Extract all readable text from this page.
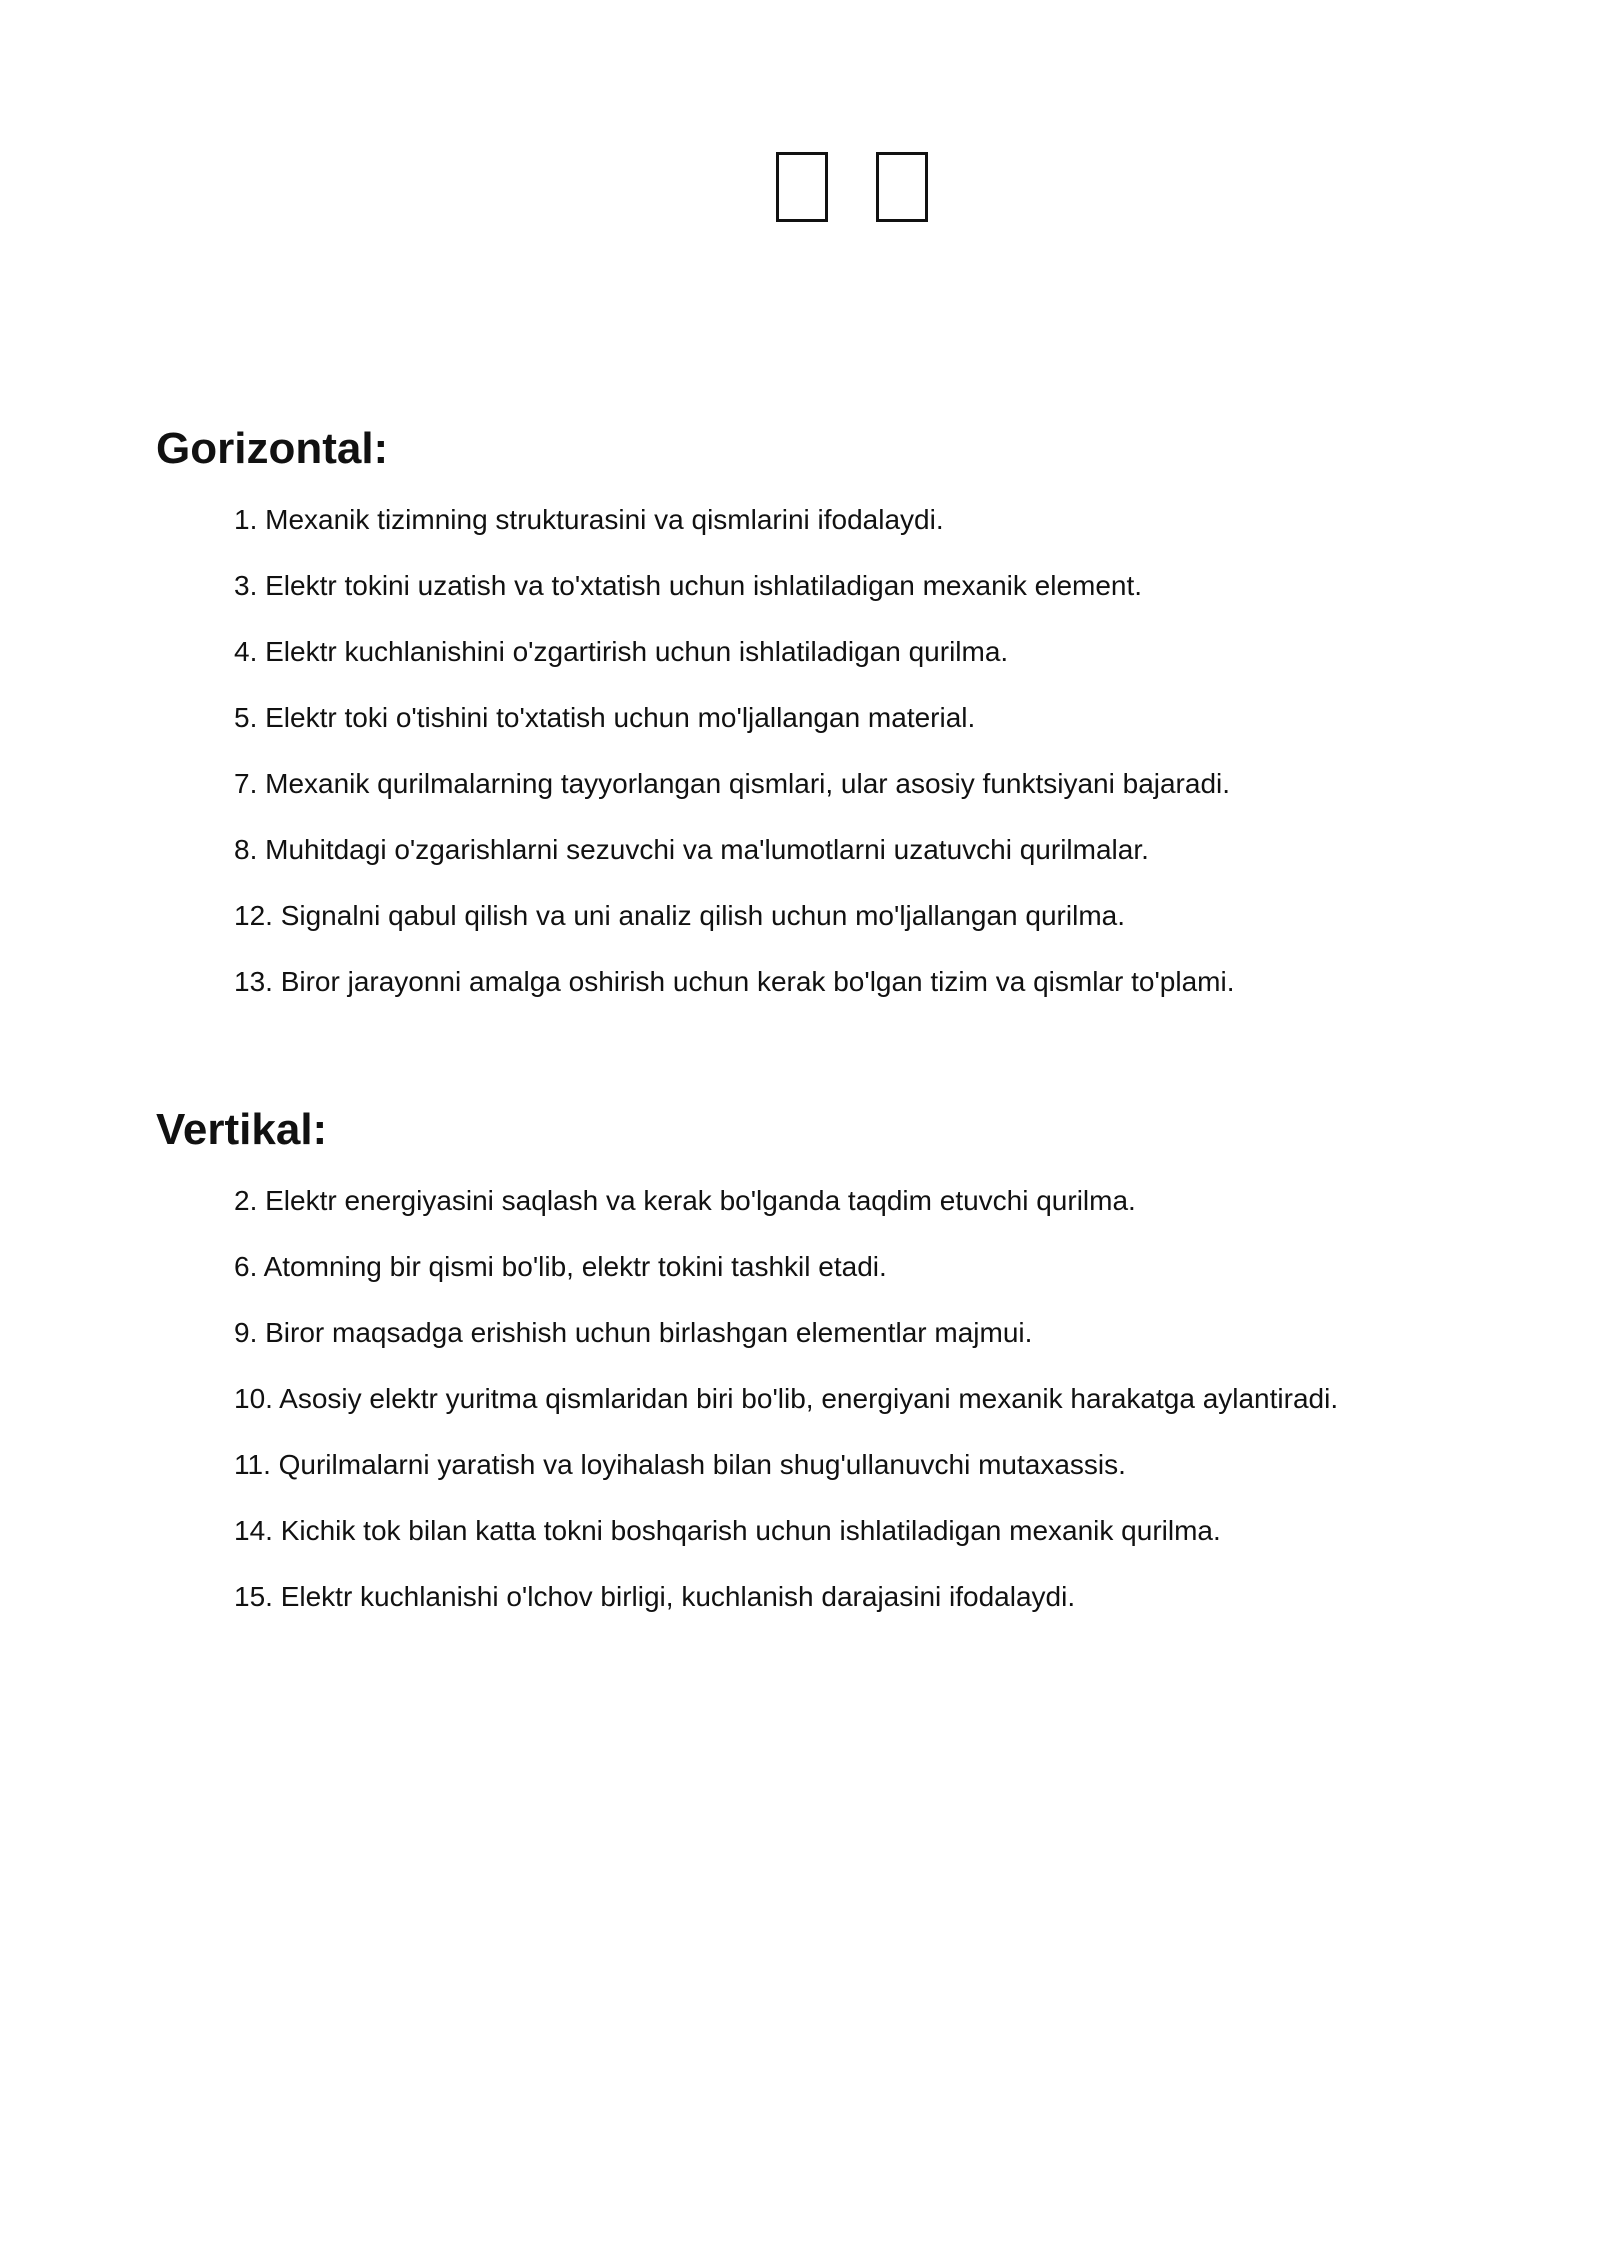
Gorizontal:
1. Mexanik tizimning strukturasini va qismlarini ifodalaydi.
3. Elektr tokini uzatish va to'xtatish uchun ishlatiladigan mexanik element.
4. Elektr kuchlanishini o'zgartirish uchun ishlatiladigan qurilma.
5. Elektr toki o'tishini to'xtatish uchun mo'ljallangan material.
7. Mexanik qurilmalarning tayyorlangan qismlari, ular asosiy funktsiyani bajaradi.
8. Muhitdagi o'zgarishlarni sezuvchi va ma'lumotlarni uzatuvchi qurilmalar.
12. Signalni qabul qilish va uni analiz qilish uchun mo'ljallangan qurilma.
13. Biror jarayonni amalga oshirish uchun kerak bo'lgan tizim va qismlar to'plami.
Vertikal:
2. Elektr energiyasini saqlash va kerak bo'lganda taqdim etuvchi qurilma.
6. Atomning bir qismi bo'lib, elektr tokini tashkil etadi.
9. Biror maqsadga erishish uchun birlashgan elementlar majmui.
10. Asosiy elektr yuritma qismlaridan biri bo'lib, energiyani mexanik harakatga aylantiradi.
11. Qurilmalarni yaratish va loyihalash bilan shug'ullanuvchi mutaxassis.
14. Kichik tok bilan katta tokni boshqarish uchun ishlatiladigan mexanik qurilma.
15. Elektr kuchlanishi o'lchov birligi, kuchlanish darajasini ifodalaydi.
